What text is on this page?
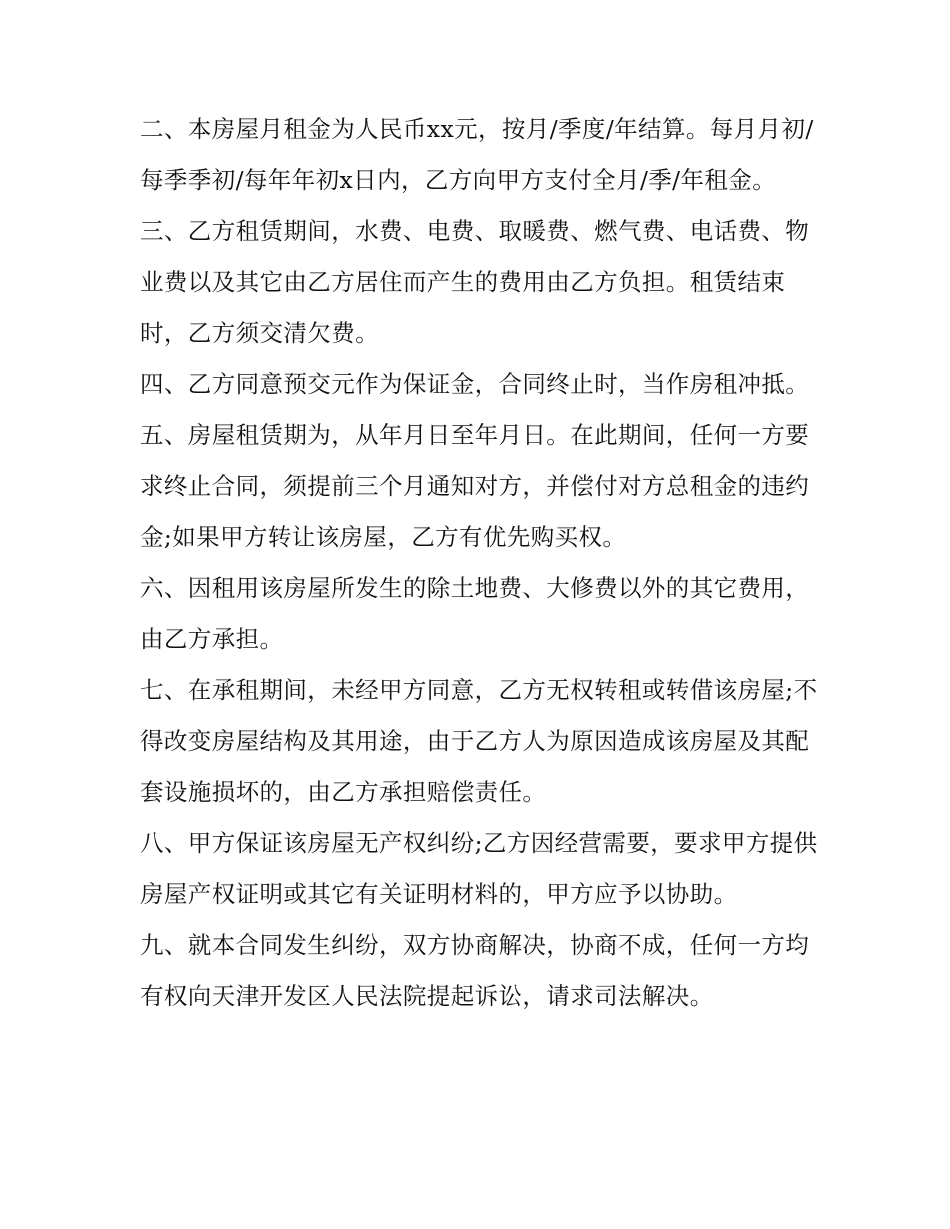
二、本房屋月租金为人民币xx元，按月/季度/年结算。每月月初/每季季初/每年年初x日内，乙方向甲方支付全月/季/年租金。

三、乙方租赁期间，水费、电费、取暖费、燃气费、电话费、物业费以及其它由乙方居住而产生的费用由乙方负担。租赁结束时，乙方须交清欠费。

四、乙方同意预交元作为保证金，合同终止时，当作房租冲抵。

五、房屋租赁期为，从年月日至年月日。在此期间，任何一方要求终止合同，须提前三个月通知对方，并偿付对方总租金的违约金;如果甲方转让该房屋，乙方有优先购买权。

六、因租用该房屋所发生的除土地费、大修费以外的其它费用，由乙方承担。

七、在承租期间，未经甲方同意，乙方无权转租或转借该房屋;不得改变房屋结构及其用途，由于乙方人为原因造成该房屋及其配套设施损坏的，由乙方承担赔偿责任。

八、甲方保证该房屋无产权纠纷;乙方因经营需要，要求甲方提供房屋产权证明或其它有关证明材料的，甲方应予以协助。

九、就本合同发生纠纷，双方协商解决，协商不成，任何一方均有权向天津开发区人民法院提起诉讼，请求司法解决。
